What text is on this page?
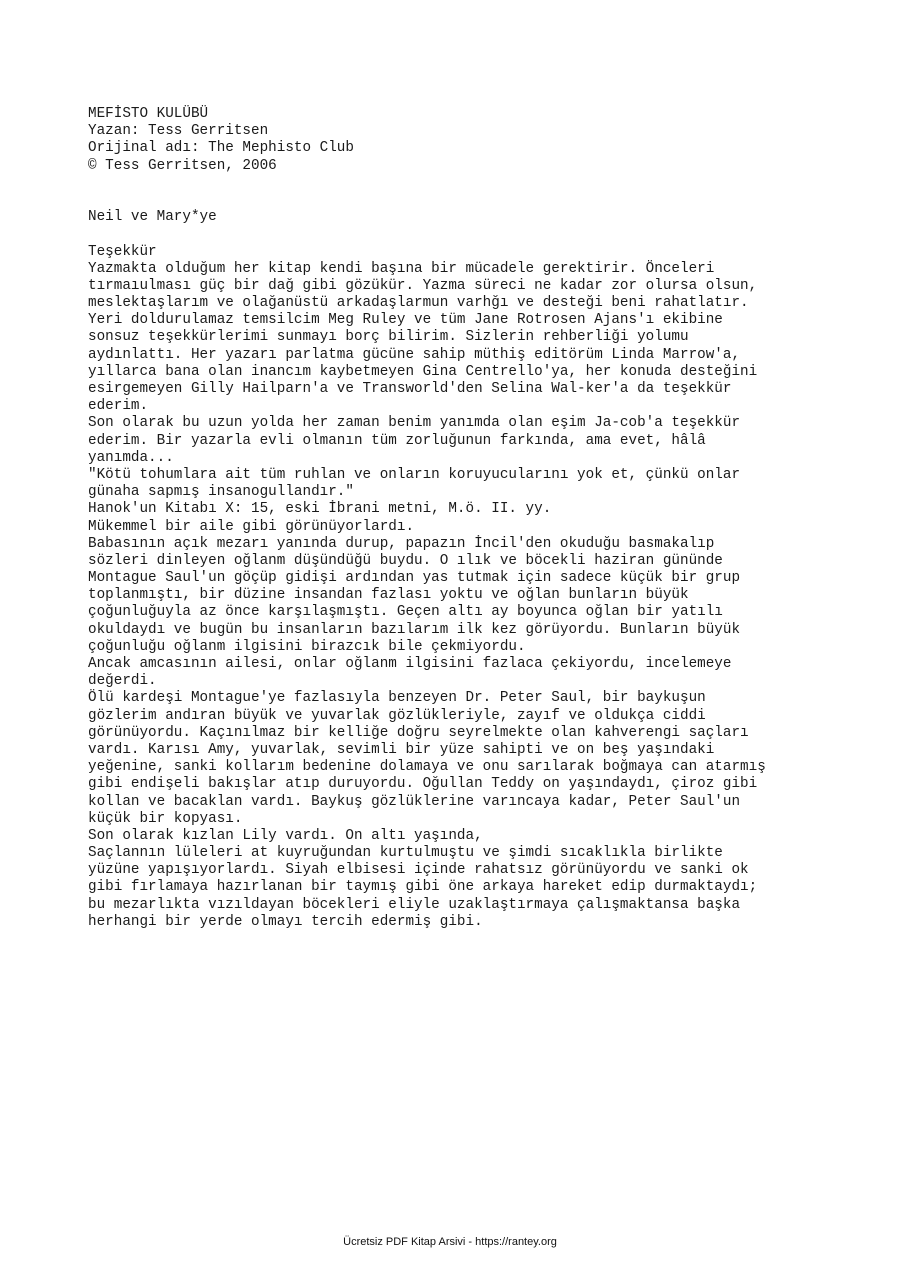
MEFİSTO KULÜBÜ
Yazan: Tess Gerritsen
Orijinal adı: The Mephisto Club
© Tess Gerritsen, 2006
Neil ve Mary*ye
Teşekkür
Yazmakta olduğum her kitap kendi başına bir mücadele gerektirir. Önceleri
tırmaıulması güç bir dağ gibi gözükür. Yazma süreci ne kadar zor olursa olsun,
meslektaşlarım ve olağanüstü arkadaşlarmun varhğı ve desteği beni rahatlatır.
Yeri doldurulamaz temsilcim Meg Ruley ve tüm Jane Rotrosen Ajans'ı ekibine
sonsuz teşekkürlerimi sunmayı borç bilirim. Sizlerin rehberliği yolumu
aydınlattı. Her yazarı parlatma gücüne sahip müthiş editörüm Linda Marrow'a,
yıllarca bana olan inancım kaybetmeyen Gina Centrello'ya, her konuda desteğini
esirgemeyen Gilly Hailparn'a ve Transworld'den Selina Wal-ker'a da teşekkür
ederim.
Son olarak bu uzun yolda her zaman benim yanımda olan eşim Ja-cob'a teşekkür
ederim. Bir yazarla evli olmanın tüm zorluğunun farkında, ama evet, hâlâ
yanımda...
"Kötü tohumlara ait tüm ruhlan ve onların koruyucularını yok et, çünkü onlar
günaha sapmış insanogullandır."
Hanok'un Kitabı X: 15, eski İbrani metni, M.ö. II. yy.
Mükemmel bir aile gibi görünüyorlardı.
Babasının açık mezarı yanında durup, papazın İncil'den okuduğu basmakalıp
sözleri dinleyen oğlanm düşündüğü buydu. O ılık ve böcekli haziran gününde
Montague Saul'un göçüp gidişi ardından yas tutmak için sadece küçük bir grup
toplanmıştı, bir düzine insandan fazlası yoktu ve oğlan bunların büyük
çoğunluğuyla az önce karşılaşmıştı. Geçen altı ay boyunca oğlan bir yatılı
okuldaydı ve bugün bu insanların bazılarım ilk kez görüyordu. Bunların büyük
çoğunluğu oğlanm ilgisini birazcık bile çekmiyordu.
Ancak amcasının ailesi, onlar oğlanm ilgisini fazlaca çekiyordu, incelemeye
değerdi.
Ölü kardeşi Montague'ye fazlasıyla benzeyen Dr. Peter Saul, bir baykuşun
gözlerim andıran büyük ve yuvarlak gözlükleriyle, zayıf ve oldukça ciddi
görünüyordu. Kaçınılmaz bir kelliğe doğru seyrelmekte olan kahverengi saçları
vardı. Karısı Amy, yuvarlak, sevimli bir yüze sahipti ve on beş yaşındaki
yeğenine, sanki kollarım bedenine dolamaya ve onu sarılarak boğmaya can atarmış
gibi endişeli bakışlar atıp duruyordu. Oğullan Teddy on yaşındaydı, çiroz gibi
kollan ve bacaklan vardı. Baykuş gözlüklerine varıncaya kadar, Peter Saul'un
küçük bir kopyası.
Son olarak kızlan Lily vardı. On altı yaşında,
Saçlannın lüleleri at kuyruğundan kurtulmuştu ve şimdi sıcaklıkla birlikte
yüzüne yapışıyorlardı. Siyah elbisesi içinde rahatsız görünüyordu ve sanki ok
gibi fırlamaya hazırlanan bir taymış gibi öne arkaya hareket edip durmaktaydı;
bu mezarlıkta vızıldayan böcekleri eliyle uzaklaştırmaya çalışmaktansa başka
herhangi bir yerde olmayı tercih edermiş gibi.
Ücretsiz PDF Kitap Arsivi - https://rantey.org
